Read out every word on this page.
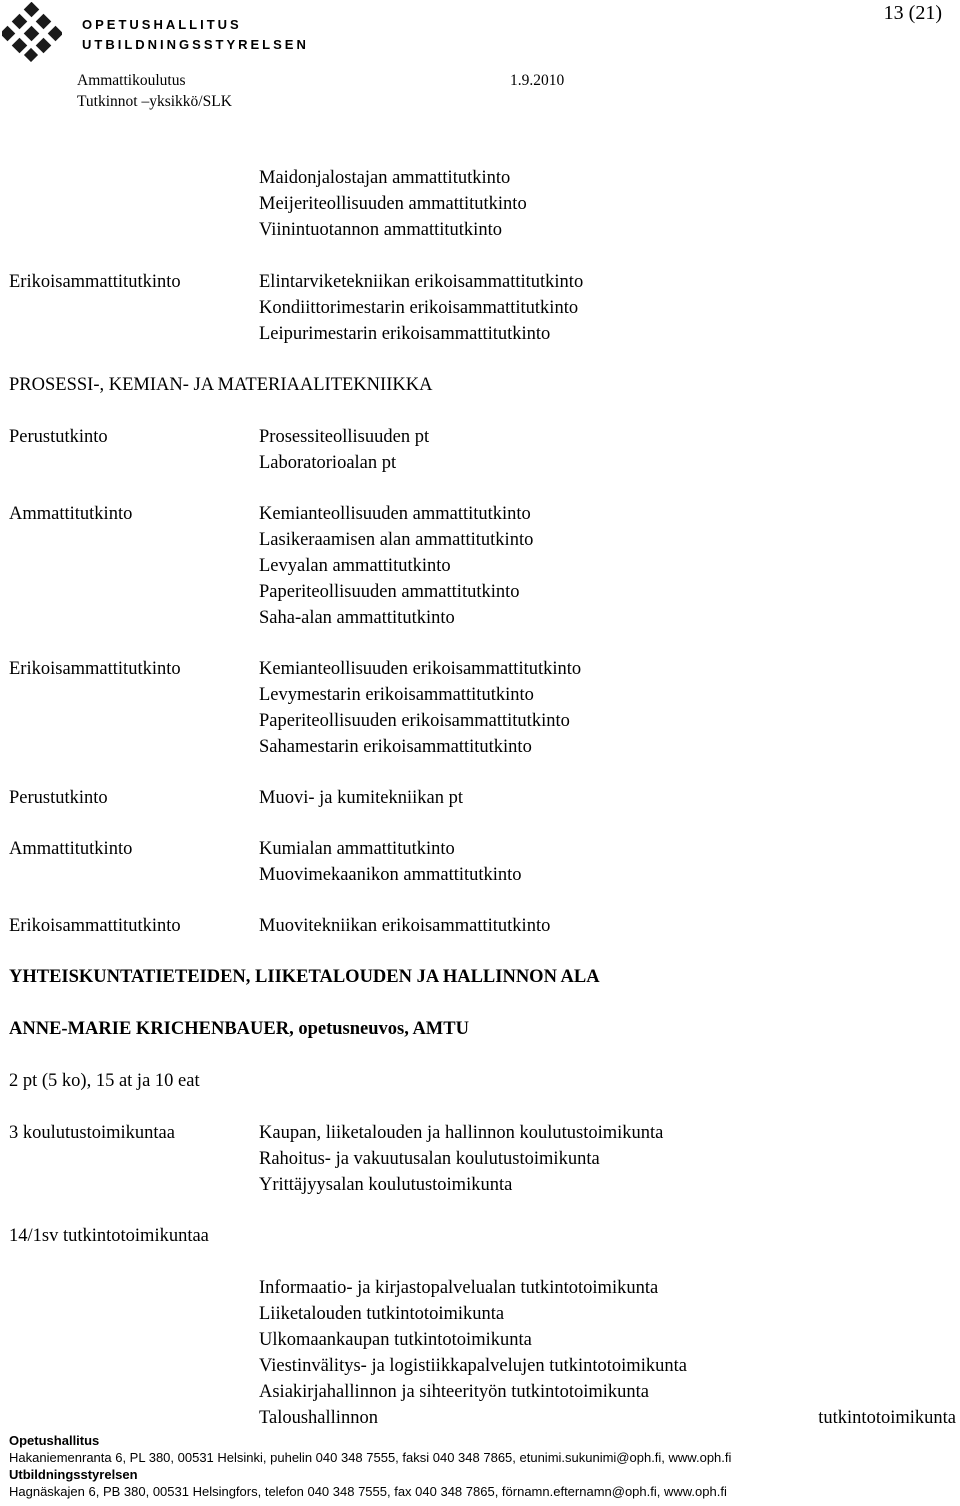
OPETUSHALLITUS
UTBILDNINGSSTYRELSEN
13 (21)
Ammattikoulutus	1.9.2010
Tutkinnot –yksikkö/SLK
Maidonjalostajan ammattitutkinto
Meijeriteollisuuden ammattitutkinto
Viinintuotannon ammattitutkinto
Erikoisammattitutkinto	Elintarviketekniikan erikoisammattitutkinto
Kondiittorimestarin erikoisammattitutkinto
Leipurimestarin erikoisammattitutkinto
PROSESSI-, KEMIAN- JA MATERIAALITEKNIIKKA
Perustutkinto	Prosessiteollisuuden pt
Laboratorioalan pt
Ammattitutkinto	Kemianteollisuuden ammattitutkinto
Lasikeraamisen alan ammattitutkinto
Levyalan ammattitutkinto
Paperiteollisuuden ammattitutkinto
Saha-alan ammattitutkinto
Erikoisammattitutkinto	Kemianteollisuuden erikoisammattitutkinto
Levymestarin erikoisammattitutkinto
Paperiteollisuuden erikoisammattitutkinto
Sahamestarin erikoisammattitutkinto
Perustutkinto	Muovi- ja kumitekniikan pt
Ammattitutkinto	Kumialan ammattitutkinto
Muovimekaanikon ammattitutkinto
Erikoisammattitutkinto	Muovitekniikan erikoisammattitutkinto
YHTEISKUNTATIETEIDEN, LIIKETALOUDEN JA HALLINNON ALA
ANNE-MARIE KRICHENBAUER, opetusneuvos, AMTU
2 pt (5 ko), 15 at ja 10 eat
3 koulutustoimikuntaa	Kaupan, liiketalouden ja hallinnon koulutustoimikunta
Rahoitus- ja vakuutusalan koulutustoimikunta
Yrittäjyysalan koulutustoimikunta
14/1sv tutkintotoimikuntaa
Informaatio- ja kirjastopalvelualan tutkintotoimikunta
Liiketalouden tutkintotoimikunta
Ulkomaankaupan tutkintotoimikunta
Viestinvälitys- ja logistiikkapalvelujen tutkintotoimikunta
Asiakirjahallinnon ja sihteerityön tutkintotoimikunta
Taloushallinnon	tutkintotoimikunta
Opetushallitus
Hakaniemenranta 6, PL 380, 00531 Helsinki, puhelin 040 348 7555, faksi 040 348 7865, etunimi.sukunimi@oph.fi, www.oph.fi
Utbildningsstyrelsen
Hagnäskajen 6, PB 380, 00531 Helsingfors, telefon 040 348 7555, fax 040 348 7865, förnamn.efternamn@oph.fi, www.oph.fi
